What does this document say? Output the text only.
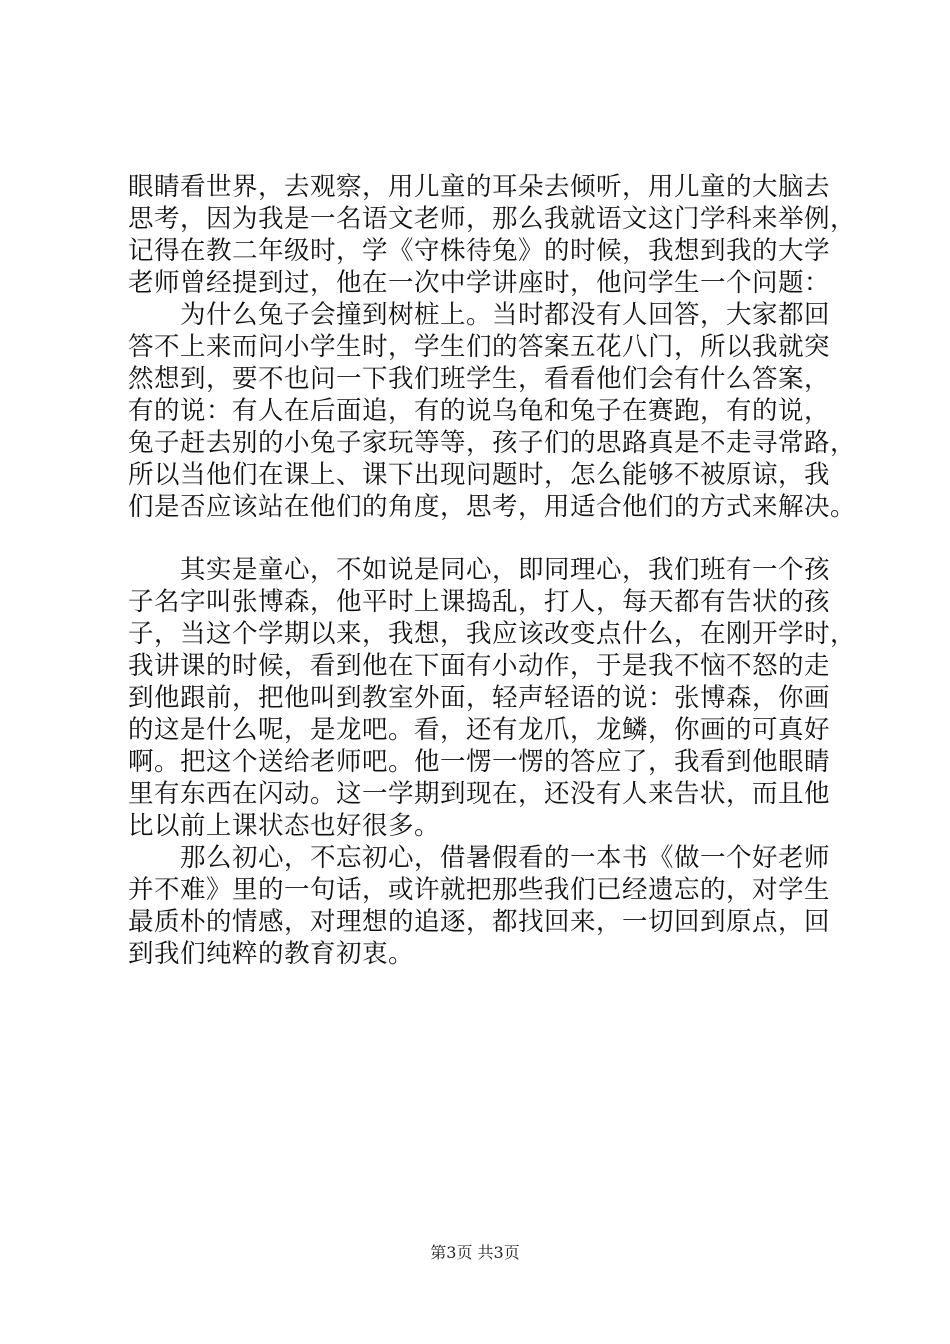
眼睛看世界，去观察，用儿童的耳朵去倾听，用儿童的大脑去
思考，因为我是一名语文老师，那么我就语文这门学科来举例，
记得在教二年级时，学《守株待兔》的时候，我想到我的大学
老师曾经提到过，他在一次中学讲座时，他问学生一个问题：
为什么兔子会撞到树桩上。当时都没有人回答，大家都回
答不上来而问小学生时，学生们的答案五花八门，所以我就突
然想到，要不也问一下我们班学生，看看他们会有什么答案，
有的说：有人在后面追，有的说乌龟和兔子在赛跑，有的说，
兔子赶去别的小兔子家玩等等，孩子们的思路真是不走寻常路，
所以当他们在课上、课下出现问题时，怎么能够不被原谅，我
们是否应该站在他们的角度，思考，用适合他们的方式来解决。
其实是童心，不如说是同心，即同理心，我们班有一个孩
子名字叫张博森，他平时上课捣乱，打人，每天都有告状的孩
子，当这个学期以来，我想，我应该改变点什么，在刚开学时，
我讲课的时候，看到他在下面有小动作，于是我不恼不怒的走
到他跟前，把他叫到教室外面，轻声轻语的说：张博森，你画
的这是什么呢，是龙吧。看，还有龙爪，龙鳞，你画的可真好
啊。把这个送给老师吧。他一愣一愣的答应了，我看到他眼睛
里有东西在闪动。这一学期到现在，还没有人来告状，而且他
比以前上课状态也好很多。
那么初心，不忘初心，借暑假看的一本书《做一个好老师
并不难》里的一句话，或许就把那些我们已经遗忘的，对学生
最质朴的情感，对理想的追逐，都找回来，一切回到原点，回
到我们纯粹的教育初衷。
第3页 共3页
